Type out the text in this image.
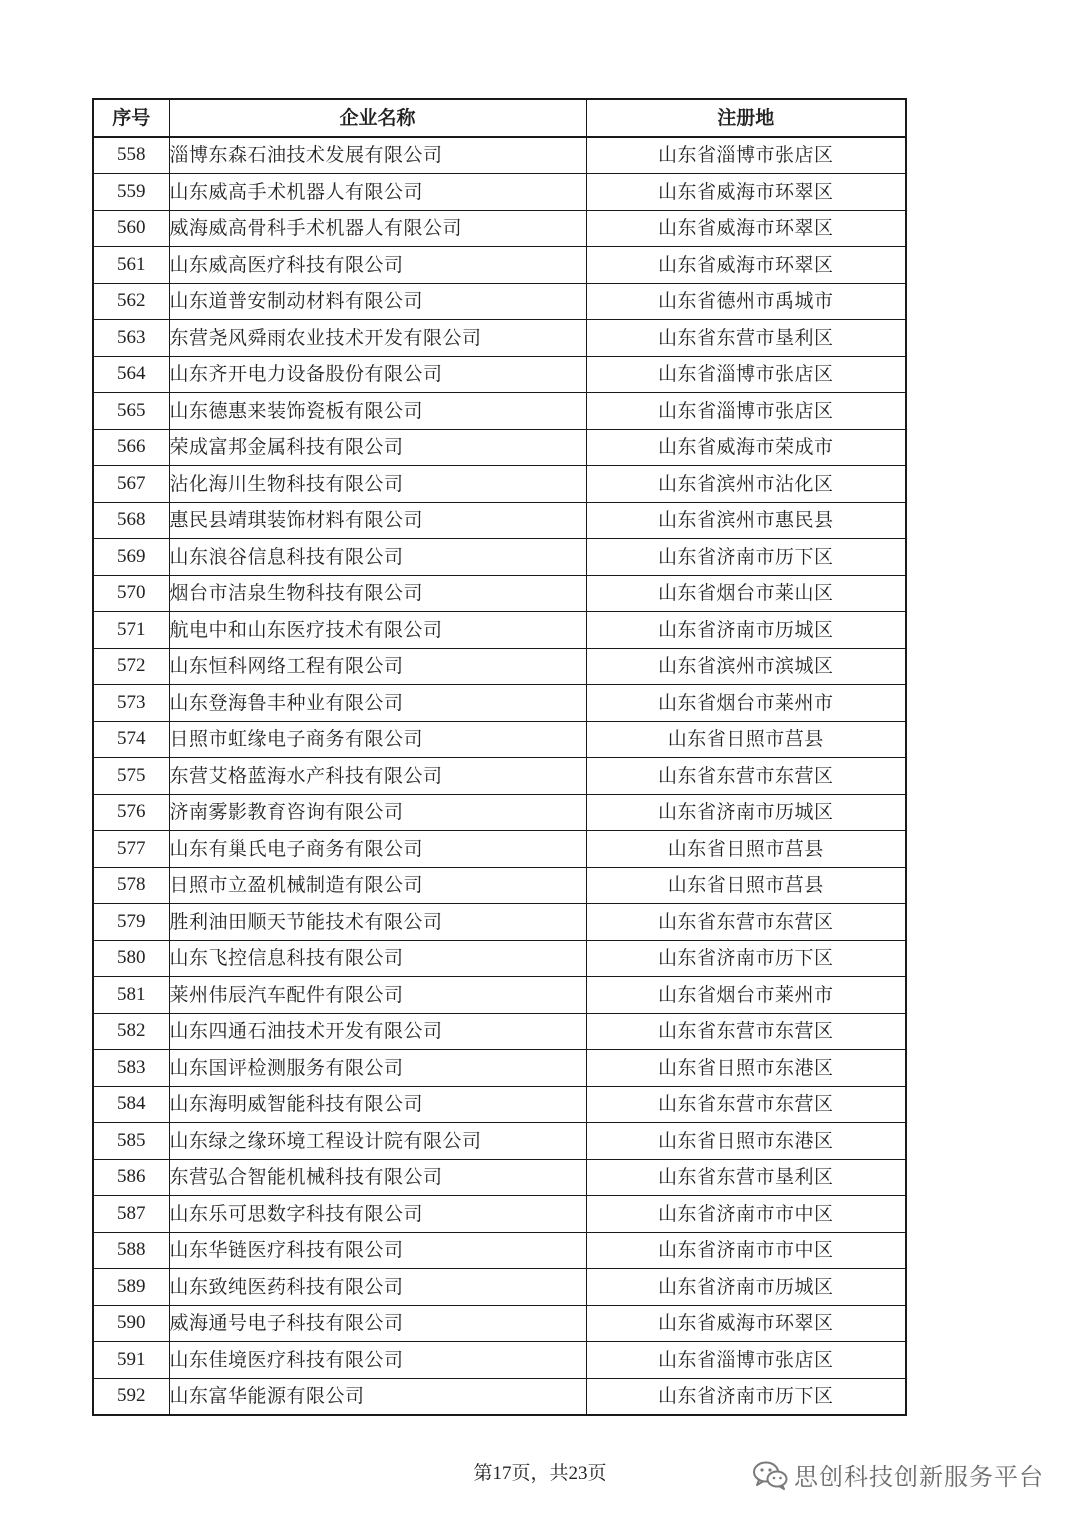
序号	企业名称	注册地
558	淄博东森石油技术发展有限公司	山东省淄博市张店区
559	山东威高手术机器人有限公司	山东省威海市环翠区
560	威海威高骨科手术机器人有限公司	山东省威海市环翠区
561	山东威高医疗科技有限公司	山东省威海市环翠区
562	山东道普安制动材料有限公司	山东省德州市禹城市
563	东营尧风舜雨农业技术开发有限公司	山东省东营市垦利区
564	山东齐开电力设备股份有限公司	山东省淄博市张店区
565	山东德惠来装饰瓷板有限公司	山东省淄博市张店区
566	荣成富邦金属科技有限公司	山东省威海市荣成市
567	沾化海川生物科技有限公司	山东省滨州市沾化区
568	惠民县靖琪装饰材料有限公司	山东省滨州市惠民县
569	山东浪谷信息科技有限公司	山东省济南市历下区
570	烟台市洁泉生物科技有限公司	山东省烟台市莱山区
571	航电中和山东医疗技术有限公司	山东省济南市历城区
572	山东恒科网络工程有限公司	山东省滨州市滨城区
573	山东登海鲁丰种业有限公司	山东省烟台市莱州市
574	日照市虹缘电子商务有限公司	山东省日照市莒县
575	东营艾格蓝海水产科技有限公司	山东省东营市东营区
576	济南雾影教育咨询有限公司	山东省济南市历城区
577	山东有巢氏电子商务有限公司	山东省日照市莒县
578	日照市立盈机械制造有限公司	山东省日照市莒县
579	胜利油田顺天节能技术有限公司	山东省东营市东营区
580	山东飞控信息科技有限公司	山东省济南市历下区
581	莱州伟辰汽车配件有限公司	山东省烟台市莱州市
582	山东四通石油技术开发有限公司	山东省东营市东营区
583	山东国评检测服务有限公司	山东省日照市东港区
584	山东海明威智能科技有限公司	山东省东营市东营区
585	山东绿之缘环境工程设计院有限公司	山东省日照市东港区
586	东营弘合智能机械科技有限公司	山东省东营市垦利区
587	山东乐可思数字科技有限公司	山东省济南市市中区
588	山东华链医疗科技有限公司	山东省济南市市中区
589	山东致纯医药科技有限公司	山东省济南市历城区
590	威海通号电子科技有限公司	山东省威海市环翠区
591	山东佳境医疗科技有限公司	山东省淄博市张店区
592	山东富华能源有限公司	山东省济南市历下区
第17页，共23页	思创科技创新服务平台
